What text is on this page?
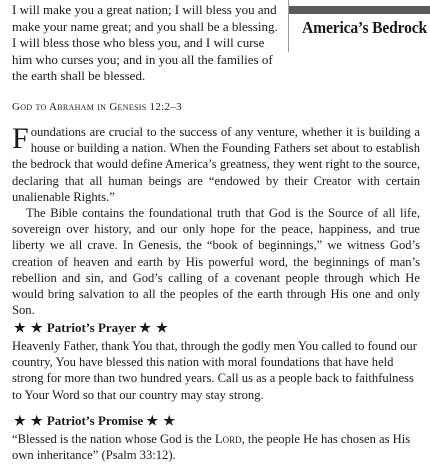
America’s Bedrock

I will make you a great nation; I will bless you and make your name great; and you shall be a blessing. I will bless those who bless you, and I will curse him who curses you; and in you all the families of the earth shall be blessed.

God to Abraham in Genesis 12:2–3

Foundations are crucial to the success of any venture, whether it is building a house or building a nation. When the Founding Fathers set about to establish the bedrock that would define America’s greatness, they went right to the source, declaring that all human beings are “endowed by their Creator with certain unalienable Rights.”

The Bible contains the foundational truth that God is the Source of all life, sovereign over history, and our only hope for the peace, happiness, and true liberty we all crave. In Genesis, the “book of beginnings,” we witness God’s creation of heaven and earth by His powerful word, the beginnings of man’s rebellion and sin, and God’s calling of a covenant people through which He would bring salvation to all the peoples of the earth through His one and only Son.

★ ★ Patriot’s Prayer ★ ★

Heavenly Father, thank You that, through the godly men You called to found our country, You have blessed this nation with moral foundations that have held strong for more than two hundred years. Call us as a people back to faithfulness to Your Word so that our country may stay strong.

★ ★ Patriot’s Promise ★ ★

“Blessed is the nation whose God is the Lord, the people He has chosen as His own inheritance” (Psalm 33:12).
